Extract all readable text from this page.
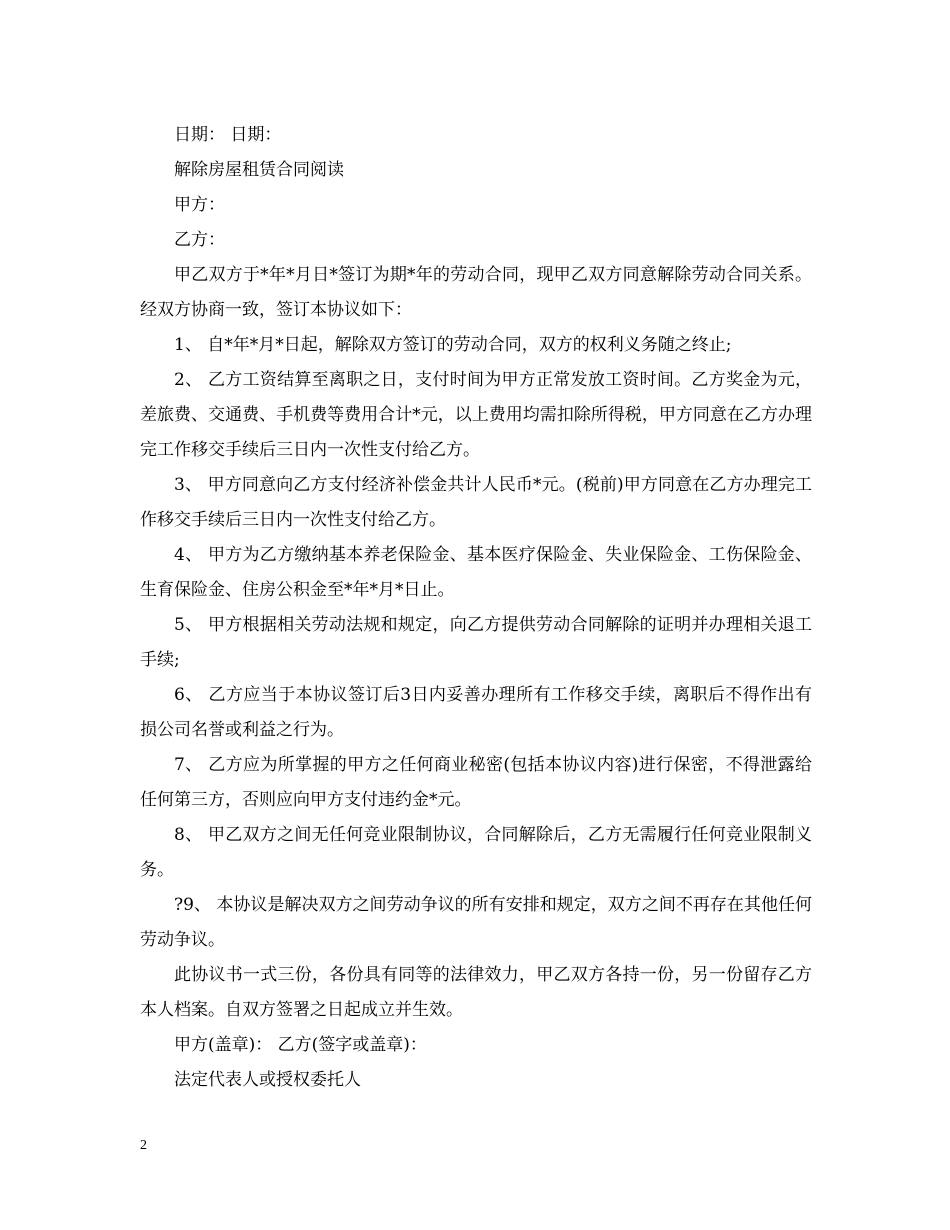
日期： 日期：

解除房屋租赁合同阅读

甲方：

乙方：

甲乙双方于*年*月日*签订为期*年的劳动合同，现甲乙双方同意解除劳动合同关系。经双方协商一致，签订本协议如下：

1、 自*年*月*日起，解除双方签订的劳动合同，双方的权利义务随之终止;

2、 乙方工资结算至离职之日，支付时间为甲方正常发放工资时间。乙方奖金为元，差旅费、交通费、手机费等费用合计*元，以上费用均需扣除所得税，甲方同意在乙方办理完工作移交手续后三日内一次性支付给乙方。

3、 甲方同意向乙方支付经济补偿金共计人民币*元。(税前)甲方同意在乙方办理完工作移交手续后三日内一次性支付给乙方。

4、 甲方为乙方缴纳基本养老保险金、基本医疗保险金、失业保险金、工伤保险金、生育保险金、住房公积金至*年*月*日止。

5、 甲方根据相关劳动法规和规定，向乙方提供劳动合同解除的证明并办理相关退工手续;

6、 乙方应当于本协议签订后3日内妥善办理所有工作移交手续，离职后不得作出有损公司名誉或利益之行为。

7、 乙方应为所掌握的甲方之任何商业秘密(包括本协议内容)进行保密，不得泄露给任何第三方，否则应向甲方支付违约金*元。

8、 甲乙双方之间无任何竞业限制协议，合同解除后，乙方无需履行任何竞业限制义务。

?9、 本协议是解决双方之间劳动争议的所有安排和规定，双方之间不再存在其他任何劳动争议。

此协议书一式三份，各份具有同等的法律效力，甲乙双方各持一份，另一份留存乙方本人档案。自双方签署之日起成立并生效。

甲方(盖章)： 乙方(签字或盖章)：

法定代表人或授权委托人

2
